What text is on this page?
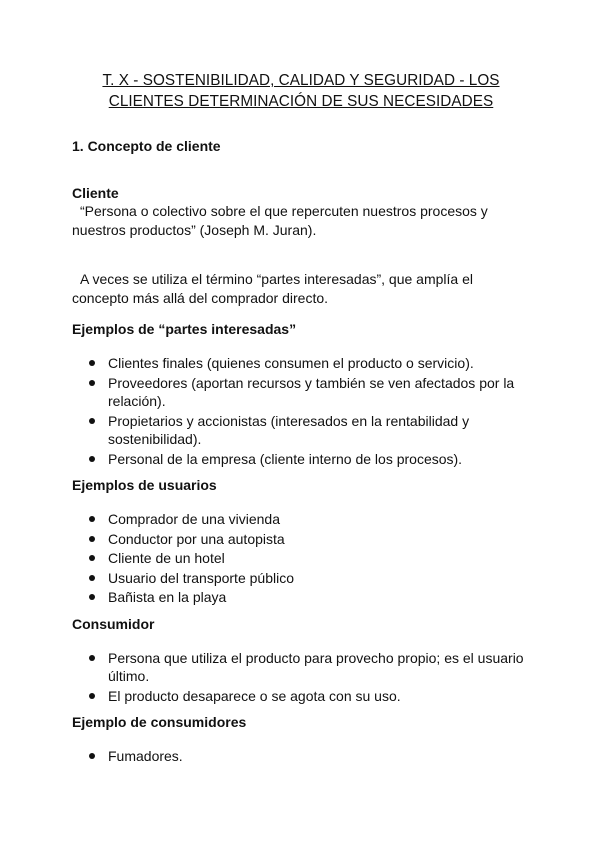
T. X - SOSTENIBILIDAD, CALIDAD Y SEGURIDAD - LOS CLIENTES DETERMINACIÓN DE SUS NECESIDADES
1. Concepto de cliente

Cliente

“Persona o colectivo sobre el que repercuten nuestros procesos y nuestros productos” (Joseph M. Juran).

A veces se utiliza el término “partes interesadas”, que amplía el concepto más allá del comprador directo.

Ejemplos de “partes interesadas”

Clientes finales (quienes consumen el producto o servicio).
Proveedores (aportan recursos y también se ven afectados por la relación).
Propietarios y accionistas (interesados en la rentabilidad y sostenibilidad).
Personal de la empresa (cliente interno de los procesos).

Ejemplos de usuarios

Comprador de una vivienda
Conductor por una autopista
Cliente de un hotel
Usuario del transporte público
Bañista en la playa

Consumidor

Persona que utiliza el producto para provecho propio; es el usuario último.
El producto desaparece o se agota con su uso.

Ejemplo de consumidores

Fumadores.
